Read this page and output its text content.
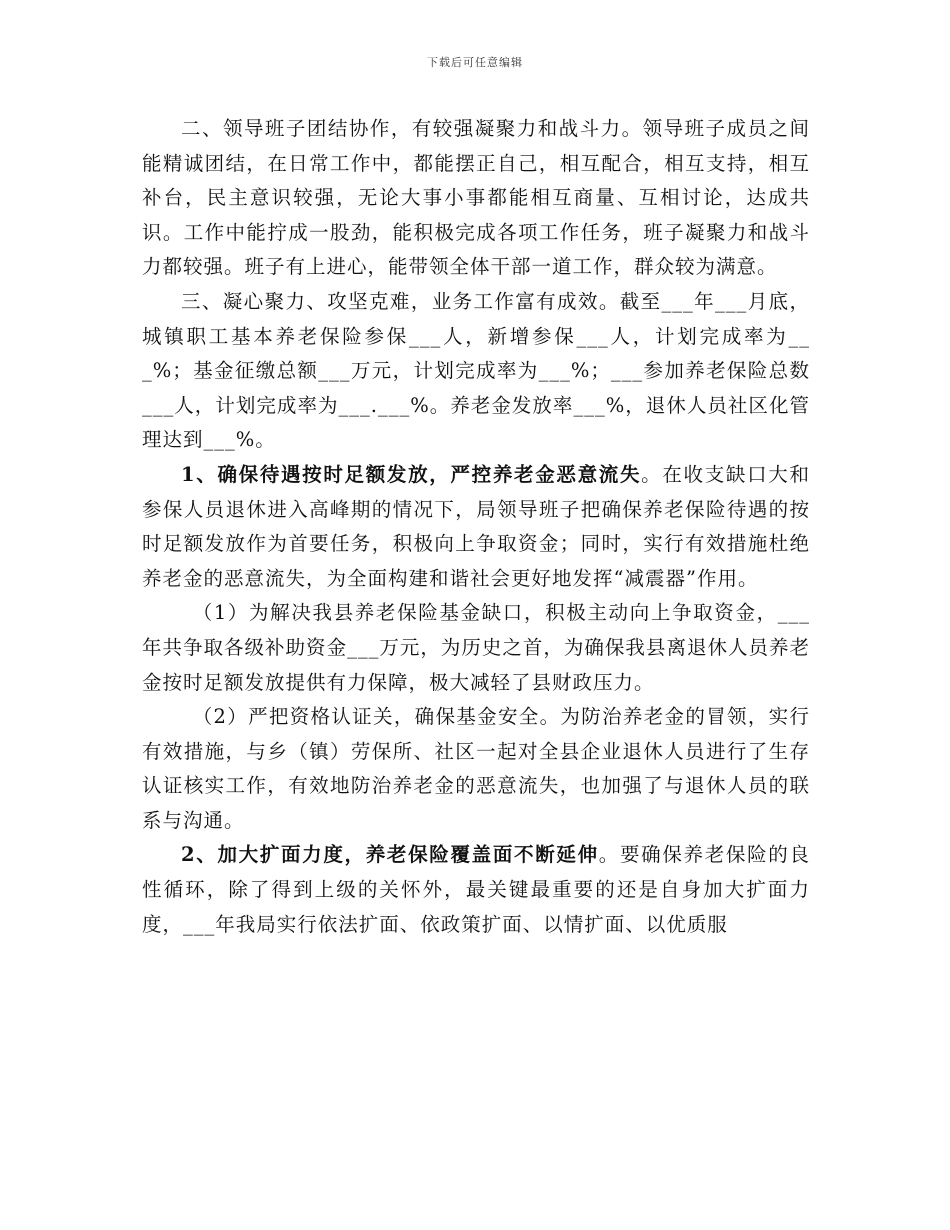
下载后可任意编辑

二、领导班子团结协作，有较强凝聚力和战斗力。领导班子成员之间能精诚团结，在日常工作中，都能摆正自己，相互配合，相互支持，相互补台，民主意识较强，无论大事小事都能相互商量、互相讨论，达成共识。工作中能拧成一股劲，能积极完成各项工作任务，班子凝聚力和战斗力都较强。班子有上进心，能带领全体干部一道工作，群众较为满意。

三、凝心聚力、攻坚克难，业务工作富有成效。截至___年___月底，城镇职工基本养老保险参保___人，新增参保___人，计划完成率为___%；基金征缴总额___万元，计划完成率为___%；___参加养老保险总数___人，计划完成率为___.___%。养老金发放率___%，退休人员社区化管理达到___%。

1、确保待遇按时足额发放，严控养老金恶意流失。在收支缺口大和参保人员退休进入高峰期的情况下，局领导班子把确保养老保险待遇的按时足额发放作为首要任务，积极向上争取资金；同时，实行有效措施杜绝养老金的恶意流失，为全面构建和谐社会更好地发挥“减震器”作用。

（1）为解决我县养老保险基金缺口，积极主动向上争取资金，___年共争取各级补助资金___万元，为历史之首，为确保我县离退休人员养老金按时足额发放提供有力保障，极大减轻了县财政压力。

（2）严把资格认证关，确保基金安全。为防治养老金的冒领，实行有效措施，与乡（镇）劳保所、社区一起对全县企业退休人员进行了生存认证核实工作，有效地防治养老金的恶意流失，也加强了与退休人员的联系与沟通。

2、加大扩面力度，养老保险覆盖面不断延伸。要确保养老保险的良性循环，除了得到上级的关怀外，最关键最重要的还是自身加大扩面力度，___年我局实行依法扩面、依政策扩面、以情扩面、以优质服
